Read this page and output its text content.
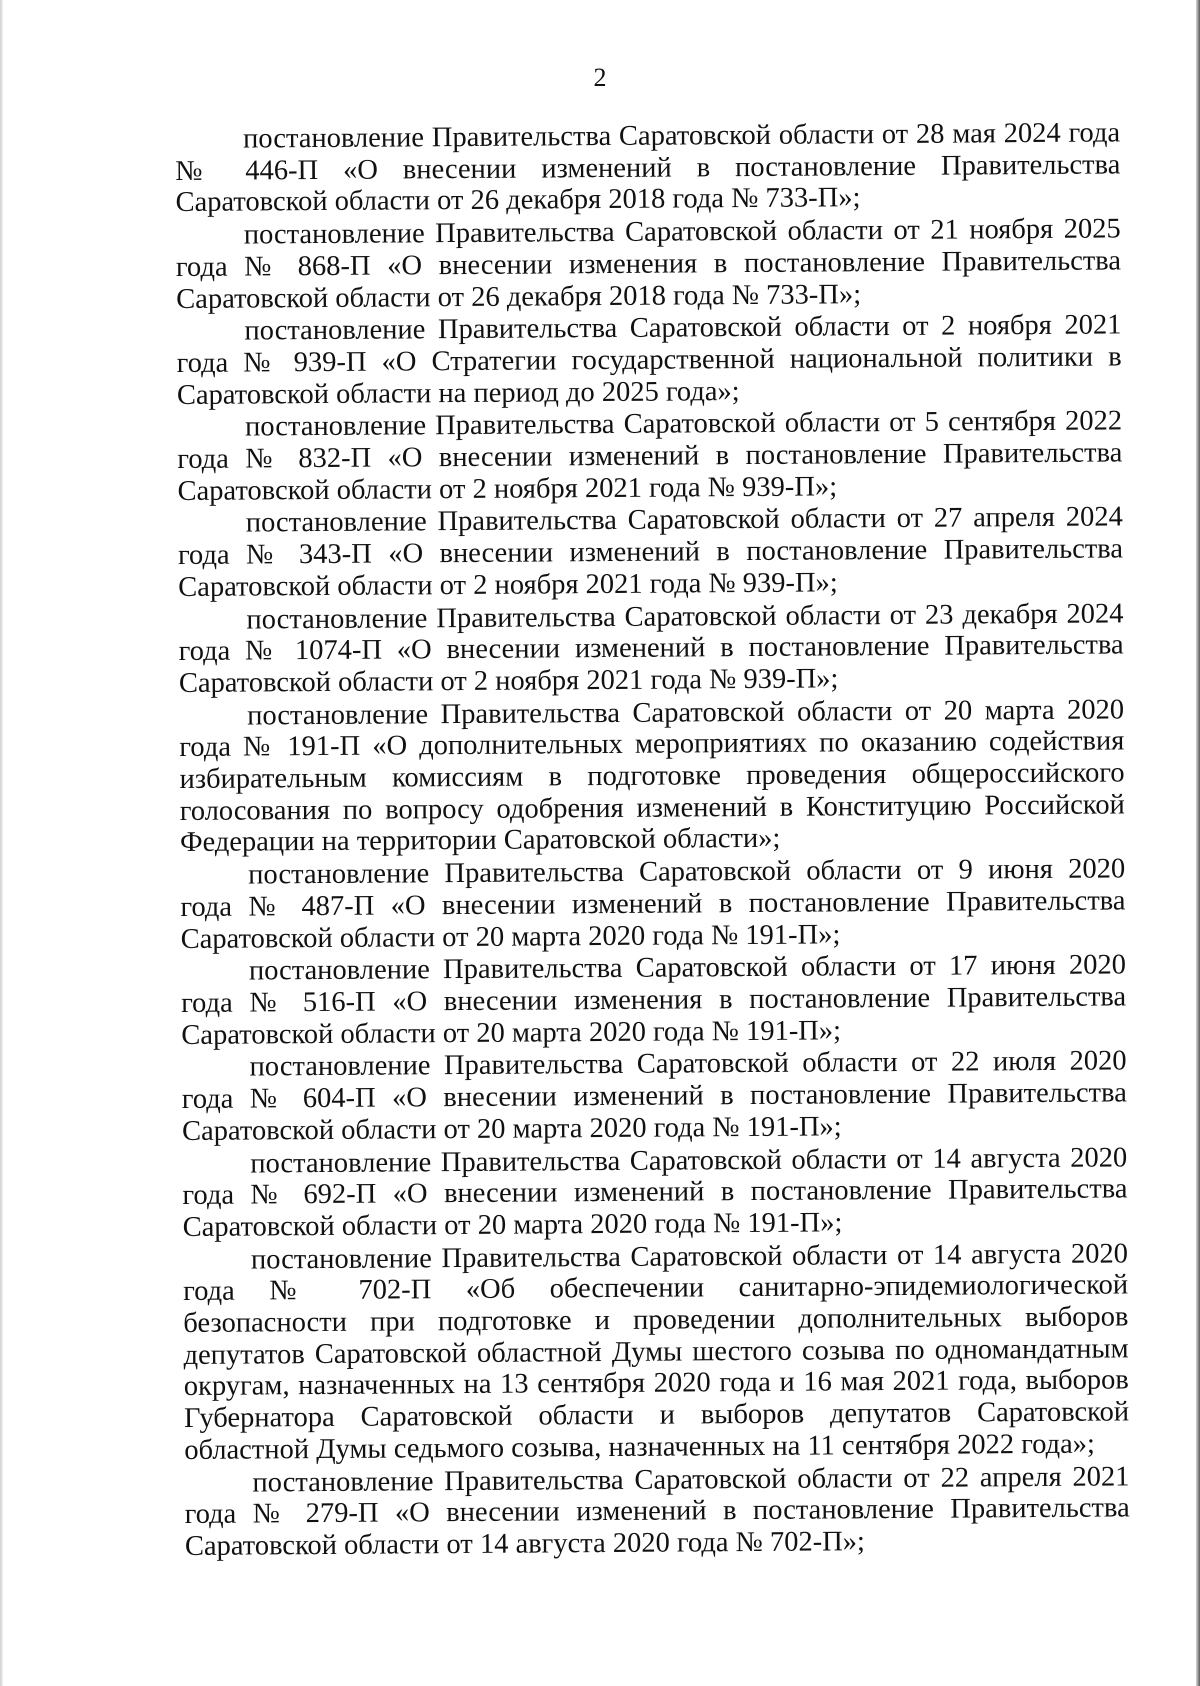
2

постановление Правительства Саратовской области от 28 мая 2024 года № 446-П «О внесении изменений в постановление Правительства Саратовской области от 26 декабря 2018 года № 733-П»;

постановление Правительства Саратовской области от 21 ноября 2025 года № 868-П «О внесении изменения в постановление Правительства Саратовской области от 26 декабря 2018 года № 733-П»;

постановление Правительства Саратовской области от 2 ноября 2021 года № 939-П «О Стратегии государственной национальной политики в Саратовской области на период до 2025 года»;

постановление Правительства Саратовской области от 5 сентября 2022 года № 832-П «О внесении изменений в постановление Правительства Саратовской области от 2 ноября 2021 года № 939-П»;

постановление Правительства Саратовской области от 27 апреля 2024 года № 343-П «О внесении изменений в постановление Правительства Саратовской области от 2 ноября 2021 года № 939-П»;

постановление Правительства Саратовской области от 23 декабря 2024 года № 1074-П «О внесении изменений в постановление Правительства Саратовской области от 2 ноября 2021 года № 939-П»;

постановление Правительства Саратовской области от 20 марта 2020 года № 191-П «О дополнительных мероприятиях по оказанию содействия избирательным комиссиям в подготовке проведения общероссийского голосования по вопросу одобрения изменений в Конституцию Российской Федерации на территории Саратовской области»;

постановление Правительства Саратовской области от 9 июня 2020 года № 487-П «О внесении изменений в постановление Правительства Саратовской области от 20 марта 2020 года № 191-П»;

постановление Правительства Саратовской области от 17 июня 2020 года № 516-П «О внесении изменения в постановление Правительства Саратовской области от 20 марта 2020 года № 191-П»;

постановление Правительства Саратовской области от 22 июля 2020 года № 604-П «О внесении изменений в постановление Правительства Саратовской области от 20 марта 2020 года № 191-П»;

постановление Правительства Саратовской области от 14 августа 2020 года № 692-П «О внесении изменений в постановление Правительства Саратовской области от 20 марта 2020 года № 191-П»;

постановление Правительства Саратовской области от 14 августа 2020 года № 702-П «Об обеспечении санитарно-эпидемиологической безопасности при подготовке и проведении дополнительных выборов депутатов Саратовской областной Думы шестого созыва по одномандатным округам, назначенных на 13 сентября 2020 года и 16 мая 2021 года, выборов Губернатора Саратовской области и выборов депутатов Саратовской областной Думы седьмого созыва, назначенных на 11 сентября 2022 года»;

постановление Правительства Саратовской области от 22 апреля 2021 года № 279-П «О внесении изменений в постановление Правительства Саратовской области от 14 августа 2020 года № 702-П»;
